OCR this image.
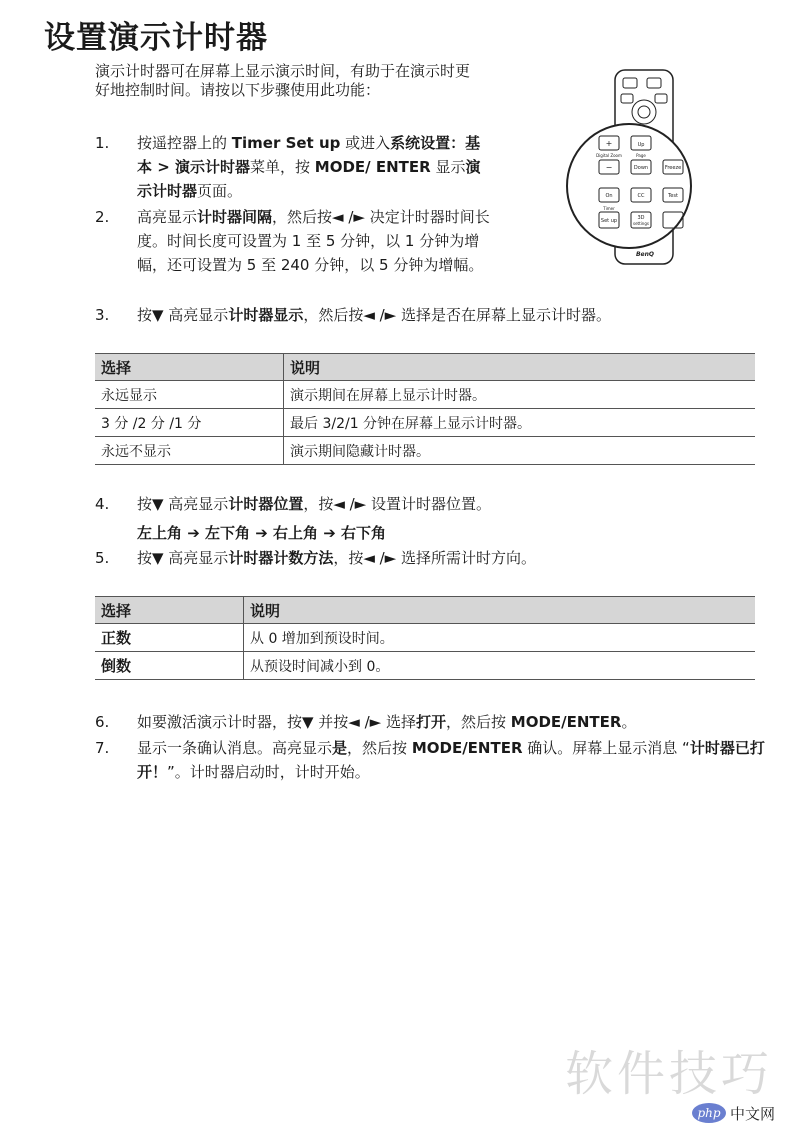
设置演示计时器
演示计时器可在屏幕上显示演示时间，有助于在演示时更好地控制时间。请按以下步骤使用此功能：
+	Up
Digital Zoom	Page
−	Down	Freeze
On	CC	Test
Timer
Set up	3D
settings
BenQ
1.	按遥控器上的 Timer Set up 或进入系统设置：基本 > 演示计时器菜单，按 MODE/ ENTER 显示演示计时器页面。
2.	高亮显示计时器间隔，然后按◄ /► 决定计时器时间长度。时间长度可设置为 1 至 5 分钟，以 1 分钟为增幅，还可设置为 5 至 240 分钟，以 5 分钟为增幅。
3.	按▼ 高亮显示计时器显示，然后按◄ /► 选择是否在屏幕上显示计时器。
选择	说明
永远显示	演示期间在屏幕上显示计时器。
3 分 /2 分 /1 分	最后 3/2/1 分钟在屏幕上显示计时器。
永远不显示	演示期间隐藏计时器。
4.	按▼ 高亮显示计时器位置，按◄ /► 设置计时器位置。
左上角 ➔ 左下角 ➔ 右上角 ➔ 右下角
5.	按▼ 高亮显示计时器计数方法，按◄ /► 选择所需计时方向。
选择	说明
正数	从 0 增加到预设时间。
倒数	从预设时间减小到 0。
6.	如要激活演示计时器，按▼ 并按◄ /► 选择打开，然后按 MODE/ENTER。
7.	显示一条确认消息。高亮显示是，然后按 MODE/ENTER 确认。屏幕上显示消息 “计时器已打开！”。计时器启动时，计时开始。
软件技巧
php 中文网
